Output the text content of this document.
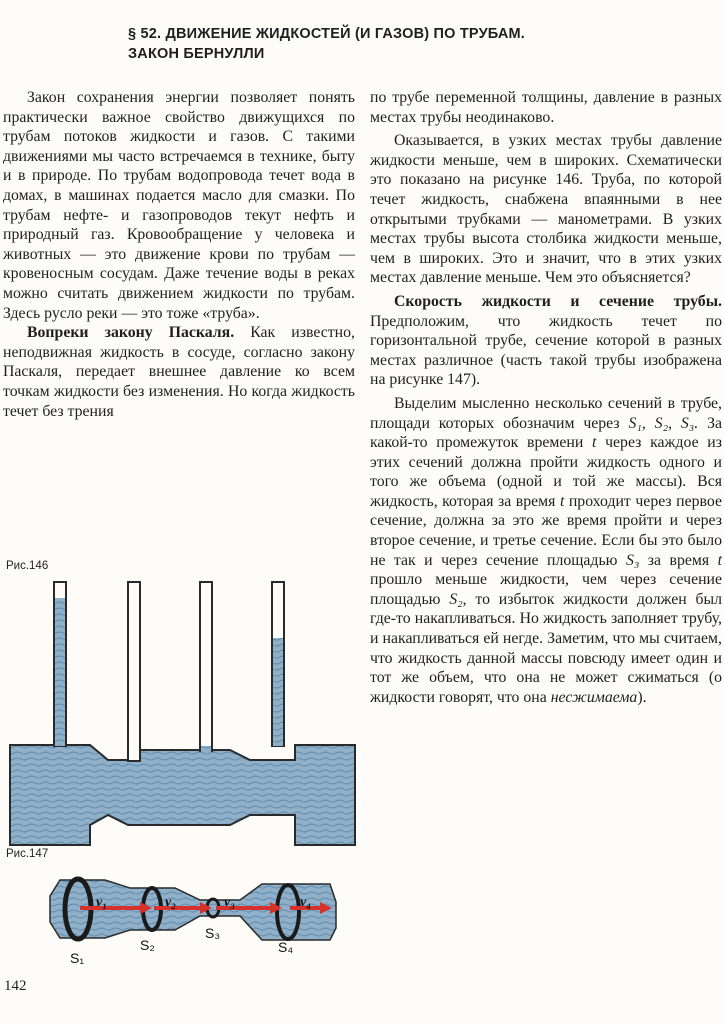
§ 52. ДВИЖЕНИЕ ЖИДКОСТЕЙ (И ГАЗОВ) ПО ТРУБАМ.
ЗАКОН БЕРНУЛЛИ

Закон сохранения энергии позволяет понять практически важное свойство движущихся по трубам потоков жидкости и газов. С такими движениями мы часто встречаемся в технике, быту и в природе. По трубам водопровода течет вода в домах, в машинах подается масло для смазки. По трубам нефте- и газопроводов текут нефть и природный газ. Кровообращение у человека и животных — это движение крови по трубам — кровеносным сосудам. Даже течение воды в реках можно считать движением жидкости по трубам. Здесь русло реки — это тоже «труба».

Вопреки закону Паскаля. Как известно, неподвижная жидкость в сосуде, согласно закону Паскаля, передает внешнее давление ко всем точкам жидкости без изменения. Но когда жидкость течет без трения

по трубе переменной толщины, давление в разных местах трубы неодинаково.

Оказывается, в узких местах трубы давление жидкости меньше, чем в широких. Схематически это показано на рисунке 146. Труба, по которой течет жидкость, снабжена впаянными в нее открытыми трубками — манометрами. В узких местах трубы высота столбика жидкости меньше, чем в широких. Это и значит, что в этих узких местах давление меньше. Чем это объясняется?

Скорость жидкости и сечение трубы. Предположим, что жидкость течет по горизонтальной трубе, сечение которой в разных местах различное (часть такой трубы изображена на рисунке 147).

Выделим мысленно несколько сечений в трубе, площади которых обозначим через S₁, S₂, S₃. За какой-то промежуток времени t через каждое из этих сечений должна пройти жидкость одного и того же объема (одной и той же массы). Вся жидкость, которая за время t проходит через первое сечение, должна за это же время пройти и через второе сечение, и третье сечение. Если бы это было не так и через сечение площадью S₃ за время t прошло меньше жидкости, чем через сечение площадью S₂, то избыток жидкости должен был где-то накапливаться. Но жидкость заполняет трубу, и накапливаться ей негде. Заметим, что мы считаем, что жидкость данной массы повсюду имеет один и тот же объем, что она не может сжиматься (о жидкости говорят, что она несжимаема).

Рис.146
Рис.147
v₁	v₂	v₃	v₄
S₁
S₂
S₃
S₄
142
